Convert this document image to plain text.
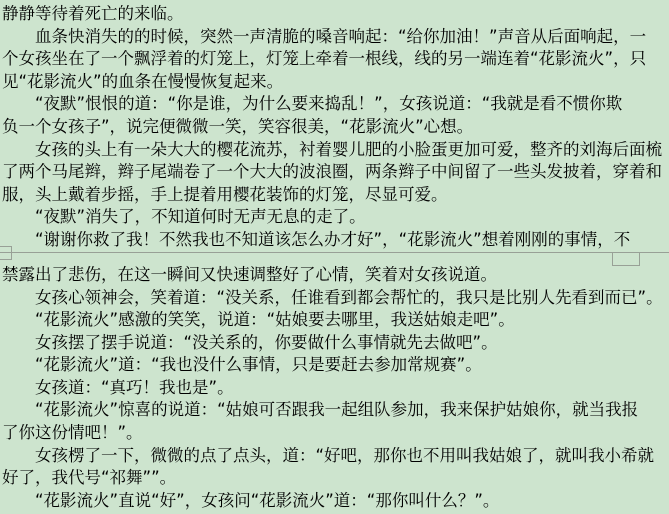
静静等待着死亡的来临。
血条快消失的的时候，突然一声清脆的嗓音响起：“给你加油！”声音从后面响起，一
个女孩坐在了一个飘浮着的灯笼上，灯笼上牵着一根线，线的另一端连着“花影流火”，只
见“花影流火”的血条在慢慢恢复起来。
“夜默”恨恨的道：“你是谁，为什么要来捣乱！”，女孩说道：“我就是看不惯你欺
负一个女孩子”，说完便微微一笑，笑容很美，“花影流火”心想。
女孩的头上有一朵大大的樱花流苏，衬着婴儿肥的小脸蛋更加可爱，整齐的刘海后面梳
了两个马尾辫，辫子尾端卷了一个大大的波浪圈，两条辫子中间留了一些头发披着，穿着和
服，头上戴着步摇，手上提着用樱花装饰的灯笼，尽显可爱。
“夜默”消失了，不知道何时无声无息的走了。
“谢谢你救了我！不然我也不知道该怎么办才好”，“花影流火”想着刚刚的事情，不
禁露出了悲伤，在这一瞬间又快速调整好了心情，笑着对女孩说道。
女孩心领神会，笑着道：“没关系，任谁看到都会帮忙的，我只是比别人先看到而已”。
“花影流火”感激的笑笑，说道：“姑娘要去哪里，我送姑娘走吧”。
女孩摆了摆手说道：“没关系的，你要做什么事情就先去做吧”。
“花影流火”道：“我也没什么事情，只是要赶去参加常规赛”。
女孩道：“真巧！我也是”。
“花影流火”惊喜的说道：“姑娘可否跟我一起组队参加，我来保护姑娘你，就当我报
了你这份情吧！”。
女孩楞了一下，微微的点了点头，道：“好吧，那你也不用叫我姑娘了，就叫我小希就
好了，我代号“祁舞””。
“花影流火”直说“好”，女孩问“花影流火”道：“那你叫什么？”。
